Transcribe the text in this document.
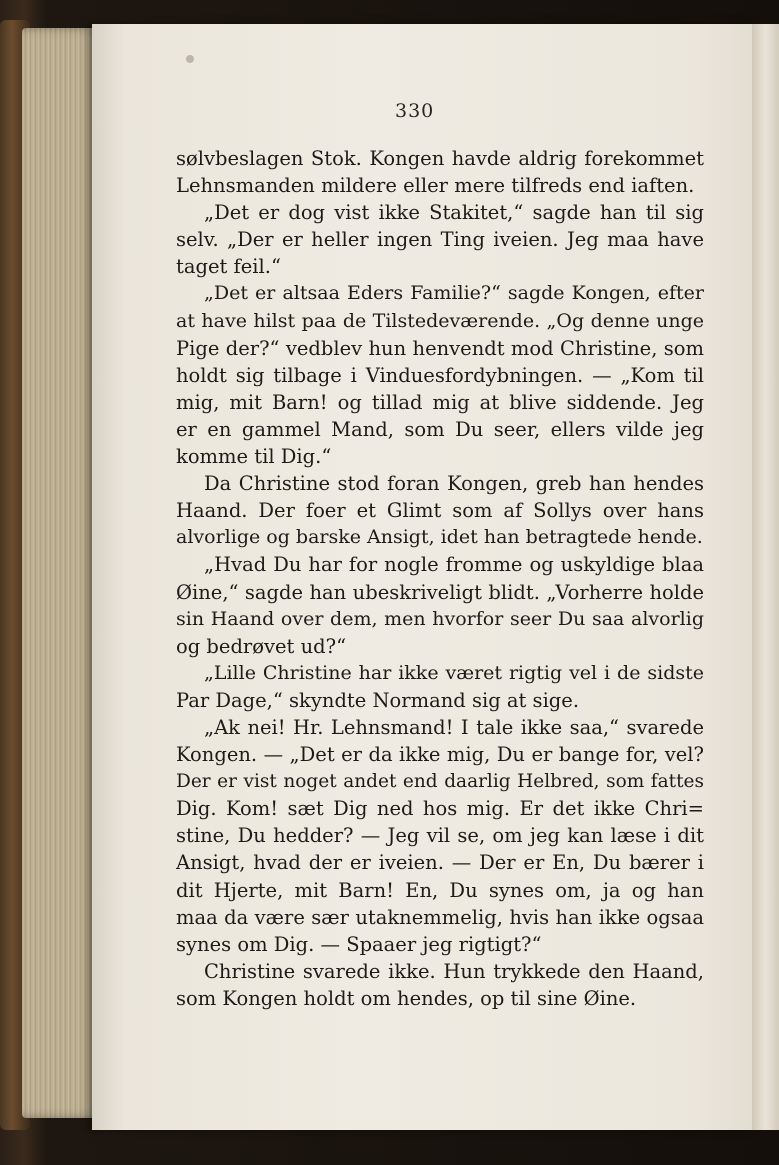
330
sølvbeslagen Stok. Kongen havde aldrig forekommet
Lehnsmanden mildere eller mere tilfreds end iaften.
„Det er dog vist ikke Stakitet,“ sagde han til sig
selv. „Der er heller ingen Ting iveien. Jeg maa have
taget feil.“
„Det er altsaa Eders Familie?“ sagde Kongen, efter
at have hilst paa de Tilstedeværende. „Og denne unge
Pige der?“ vedblev hun henvendt mod Christine, som
holdt sig tilbage i Vinduesfordybningen. — „Kom til
mig, mit Barn! og tillad mig at blive siddende. Jeg
er en gammel Mand, som Du seer, ellers vilde jeg
komme til Dig.“
Da Christine stod foran Kongen, greb han hendes
Haand. Der foer et Glimt som af Sollys over hans
alvorlige og barske Ansigt, idet han betragtede hende.
„Hvad Du har for nogle fromme og uskyldige blaa
Øine,“ sagde han ubeskriveligt blidt. „Vorherre holde
sin Haand over dem, men hvorfor seer Du saa alvorlig
og bedrøvet ud?“
„Lille Christine har ikke været rigtig vel i de sidste
Par Dage,“ skyndte Normand sig at sige.
„Ak nei! Hr. Lehnsmand! I tale ikke saa,“ svarede
Kongen. — „Det er da ikke mig, Du er bange for, vel?
Der er vist noget andet end daarlig Helbred, som fattes
Dig. Kom! sæt Dig ned hos mig. Er det ikke Chri=
stine, Du hedder? — Jeg vil se, om jeg kan læse i dit
Ansigt, hvad der er iveien. — Der er En, Du bærer i
dit Hjerte, mit Barn! En, Du synes om, ja og han
maa da være sær utaknemmelig, hvis han ikke ogsaa
synes om Dig. — Spaaer jeg rigtigt?“
Christine svarede ikke. Hun trykkede den Haand,
som Kongen holdt om hendes, op til sine Øine.
